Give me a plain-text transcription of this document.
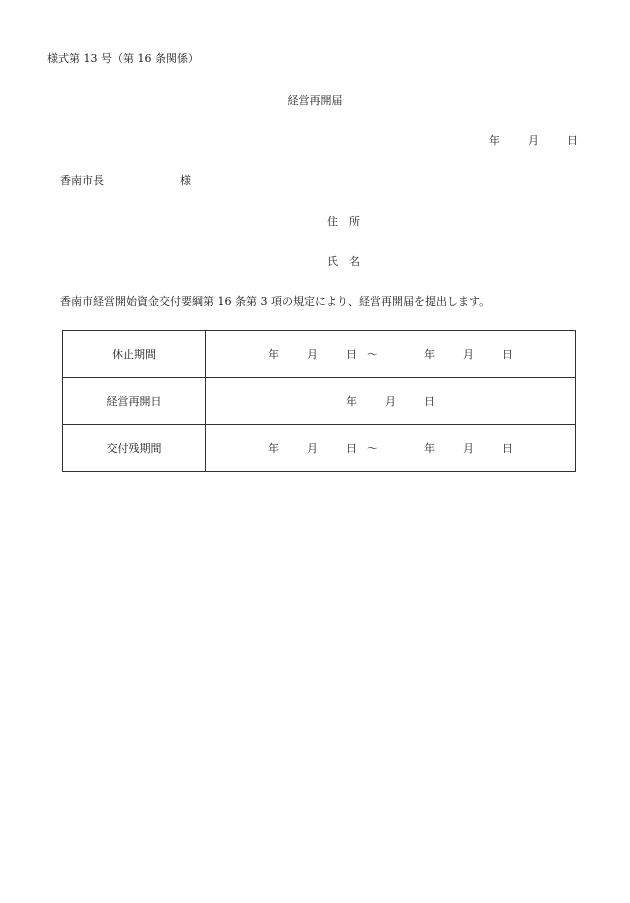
様式第 13 号（第 16 条関係）
経営再開届
年	月	日
香南市長	様
住　所
氏　名
香南市経営開始資金交付要綱第 16 条第 3 項の規定により、経営再開届を提出します。
休止期間	年 月 日 ～ 年 月 日
経営再開日	年 月 日
交付残期間	年 月 日 ～ 年 月 日
